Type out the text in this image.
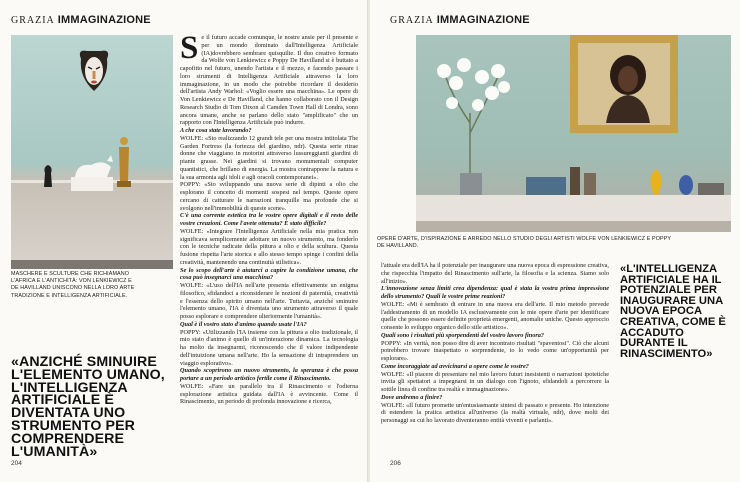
GRAZIA IMMAGINAZIONE
MASCHERE E SCULTURE CHE RICHIAMANO L'AFRICA E L'ANTICHITÀ: VON LENKIEWICZ E DE HAVILLAND UNISCONO NELLA LORO ARTE TRADIZIONE E INTELLIGENZA ARTIFICIALE.
«ANZICHÉ SMINUIRE L'ELEMENTO UMANO, L'INTELLIGENZA ARTIFICIALE È DIVENTATA UNO STRUMENTO PER COMPRENDERE L'UMANITÀ»
204

Se il futuro accade comunque, le nostre ansie per il presente e per un mondo dominato dall'Intelligenza Artificiale (IA)dovrebbero sembrare quisquilie. Il duo creativo formato da Wolfe von Lenkiewicz e Poppy De Havilland si è buttato a capofitto nel futuro, unendo l'artista e il mezzo, e facendo passare i loro strumenti di Intelligenza Artificiale attraverso la loro immaginazione, in un modo che potrebbe ricordare il desiderio dell'artista Andy Warhol: «Voglio essere una macchina». Le opere di Von Lenkiewicz e De Havilland, che hanno collaborato con il Design Research Studio di Tom Dixon al Camden Town Hall di Londra, sono ancora umane, anche se parlano dello stato "amplificato" che un rapporto con l'Intelligenza Artificiale può indurre.

A che cosa state lavorando?

WOLFE: «Sto realizzando 12 grandi tele per una mostra intitolata The Garden Fortress (la fortezza del giardino, ndr). Questa serie ritrae donne che viaggiano in motorini attraverso lussureggianti giardini di piante grasse. Nei giardini si trovano monumentali computer quantistici, che brillano di energia. La mostra contrappone la natura e la sua armonia agli idoli e agli oracoli contemporanei».

POPPY: «Sto sviluppando una nuova serie di dipinti a olio che esplorano il concetto di momenti sospesi nel tempo. Queste opere cercano di catturare le narrazioni tranquille ma profonde che si svolgono nell'immobilità di queste scene».

C'è una corrente estetica tra le vostre opere digitali e il resto delle vostre creazioni. Come l'avete ottenuta? È stato difficile?

WOLFE: «Integrare l'Intelligenza Artificiale nella mia pratica non significava semplicemente adottare un nuovo strumento, ma fonderlo con le tecniche radicate della pittura a olio e della scultura. Questa fusione rispetta l'arte storica e allo stesso tempo spinge i confini della creatività, mantenendo una continuità stilistica».

Se lo scopo dell'arte è aiutarci a capire la condizione umana, che cosa può insegnarci una macchina?

WOLFE: «L'uso dell'IA nell'arte presenta effettivamente un enigma filosofico, sfidandoci a riconsiderare le nozioni di paternità, creatività e l'essenza dello spirito umano nell'arte. Tuttavia, anziché sminuire l'elemento umano, l'IA è diventata uno strumento attraverso il quale posso esplorare e comprendere ulteriormente l'umanità».

Qual è il vostro stato d'animo quando usate l'IA?

POPPY: «Utilizzando l'IA insieme con la pittura a olio tradizionale, il mio stato d'animo è quello di un'interazione dinamica. La tecnologia ha molto da insegnarmi, riconoscendo che il valore indipendente dell'intuizione umana nell'arte. Ho la sensazione di intraprendere un viaggio esplorativo».

Quando scoprirono un nuovo strumento, la speranza è che possa portare a un periodo artistico fertile come il Rinascimento.

WOLFE: «Fare un parallelo tra il Rinascimento e l'odierna esplorazione artistica guidata dall'IA è avvincente. Come il Rinascimento, un periodo di profonda innovazione e ricerca,

GRAZIA IMMAGINAZIONE
OPERE D'ARTE, D'ISPIRAZIONE E ARREDO NELLO STUDIO DEGLI ARTISTI WOLFE VON LENKIEWICZ E POPPY DE HAVILLAND.

l'attuale era dell'IA ha il potenziale per inaugurare una nuova epoca di espressione creativa, che rispecchia l'impatto del Rinascimento sull'arte, la filosofia e la scienza. Siamo solo all'inizio».

L'innovazione senza limiti crea dipendenza: qual è stata la vostra prima impressione dello strumento? Quali le vostre prime reazioni?

WOLFE: «Mi è sembrato di entrare in una nuova era dell'arte. Il mio metodo prevede l'addestramento di un modello IA esclusivamente con le mie opere d'arte per identificare quelle che possono essere definite proprietà emergenti, anomalie uniche. Questo approccio consente lo sviluppo organico dello stile artistico».

Quali sono i risultati più sporpendenti del vostro lavoro finora?

POPPY: «In verità, non posso dire di aver incontrato risultati "spaventosi". Ciò che alcuni potrebbero trovare inaspettato o sorprendente, io lo vedo come un'opportunità per esplorare».

Come incoraggiate ad avvicinarsi a opere come le vostre?

WOLFE: «Il piacere di presentare nel mio lavoro futuri inesistenti o narrazioni ipotetiche invita gli spettatori a impegnarsi in un dialogo con l'ignoto, sfidandoli a percorrere la sottile linea di confine tra realtà e immaginazione».

Dove andremo a finire?

WOLFE: «Il futuro promette un'entusiasmante sintesi di passato e presente. Ho intenzione di estendere la pratica artistica all'universo (la realtà virtuale, ndr), dove molti dei personaggi su cui ho lavorato diventeranno entità viventi e parlanti».

«L'INTELLIGENZA ARTIFICIALE HA IL POTENZIALE PER INAUGURARE UNA NUOVA EPOCA CREATIVA, COME È ACCADUTO DURANTE IL RINASCIMENTO»
206
